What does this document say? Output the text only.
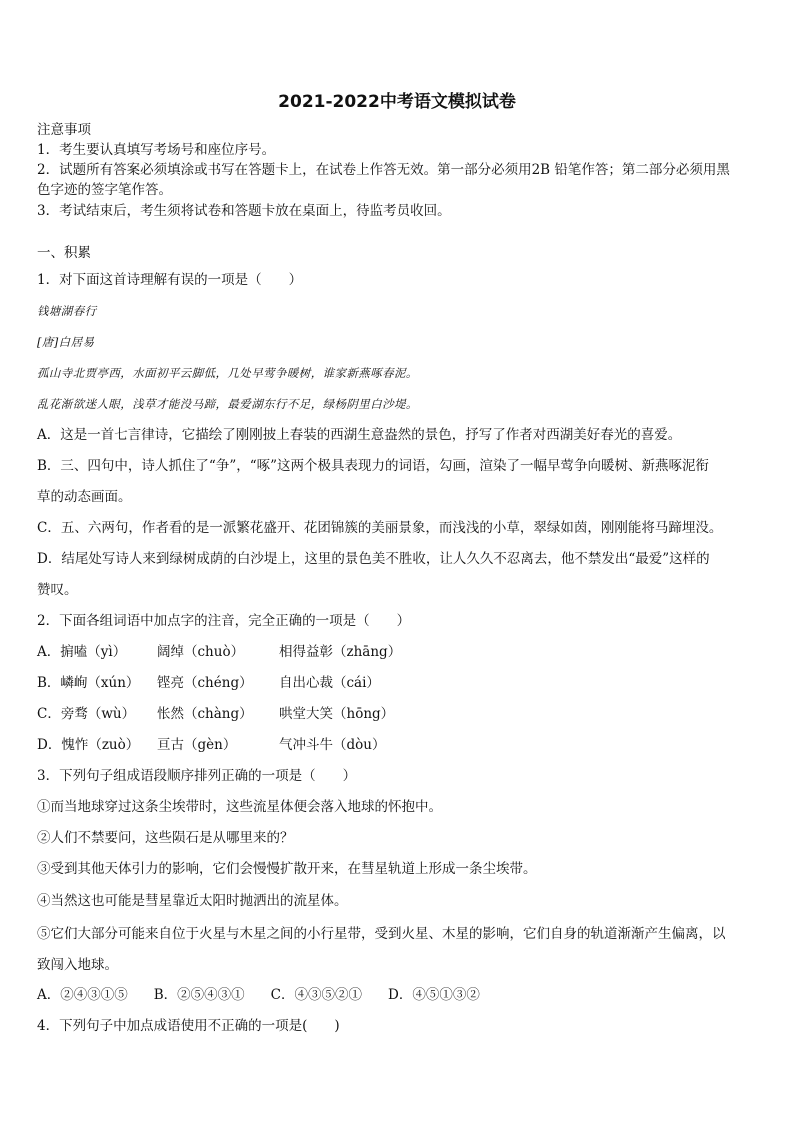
2021-2022中考语文模拟试卷
注意事项
1．考生要认真填写考场号和座位序号。
2．试题所有答案必须填涂或书写在答题卡上，在试卷上作答无效。第一部分必须用2B 铅笔作答；第二部分必须用黑
色字迹的签字笔作答。
3．考试结束后，考生须将试卷和答题卡放在桌面上，待监考员收回。
一、积累
1．对下面这首诗理解有误的一项是（　　）
钱塘湖春行
[唐]白居易
孤山寺北贾亭西，水面初平云脚低，几处早莺争暖树，谁家新燕啄春泥。
乱花渐欲迷人眼，浅草才能没马蹄，最爱湖东行不足，绿杨阴里白沙堤。
A．这是一首七言律诗，它描绘了刚刚披上春装的西湖生意盎然的景色，抒写了作者对西湖美好春光的喜爱。
B．三、四句中，诗人抓住了“争”，“啄”这两个极具表现力的词语，勾画，渲染了一幅早莺争向暖树、新燕啄泥衔
草的动态画面。
C．五、六两句，作者看的是一派繁花盛开、花团锦簇的美丽景象，而浅浅的小草，翠绿如茵，刚刚能将马蹄埋没。
D．结尾处写诗人来到绿树成荫的白沙堤上，这里的景色美不胜收，让人久久不忍离去，他不禁发出“最爱”这样的
赞叹。
2．下面各组词语中加点字的注音，完全正确的一项是（　　）
A．掮嗑（yì） 阔绰（chuò）	相得益彰（zhāng）
B．嶙峋（xún） 铿亮（chéng） 自出心裁（cái）
C．旁骛（wù） 怅然（chàng） 哄堂大笑（hōng）
D．愧怍（zuò） 亘古（gèn）	气冲斗牛（dòu）
3．下列句子组成语段顺序排列正确的一项是（　　）
①而当地球穿过这条尘埃带时，这些流星体便会落入地球的怀抱中。
②人们不禁要问，这些陨石是从哪里来的？
③受到其他天体引力的影响，它们会慢慢扩散开来，在彗星轨道上形成一条尘埃带。
④当然这也可能是彗星靠近太阳时抛洒出的流星体。
⑤它们大部分可能来自位于火星与木星之间的小行星带，受到火星、木星的影响，它们自身的轨道渐渐产生偏离，以
致闯入地球。
A．②④③①⑤ B．②⑤④③① C．④③⑤②① D．④⑤①③②
4．下列句子中加点成语使用不正确的一项是(　　)
